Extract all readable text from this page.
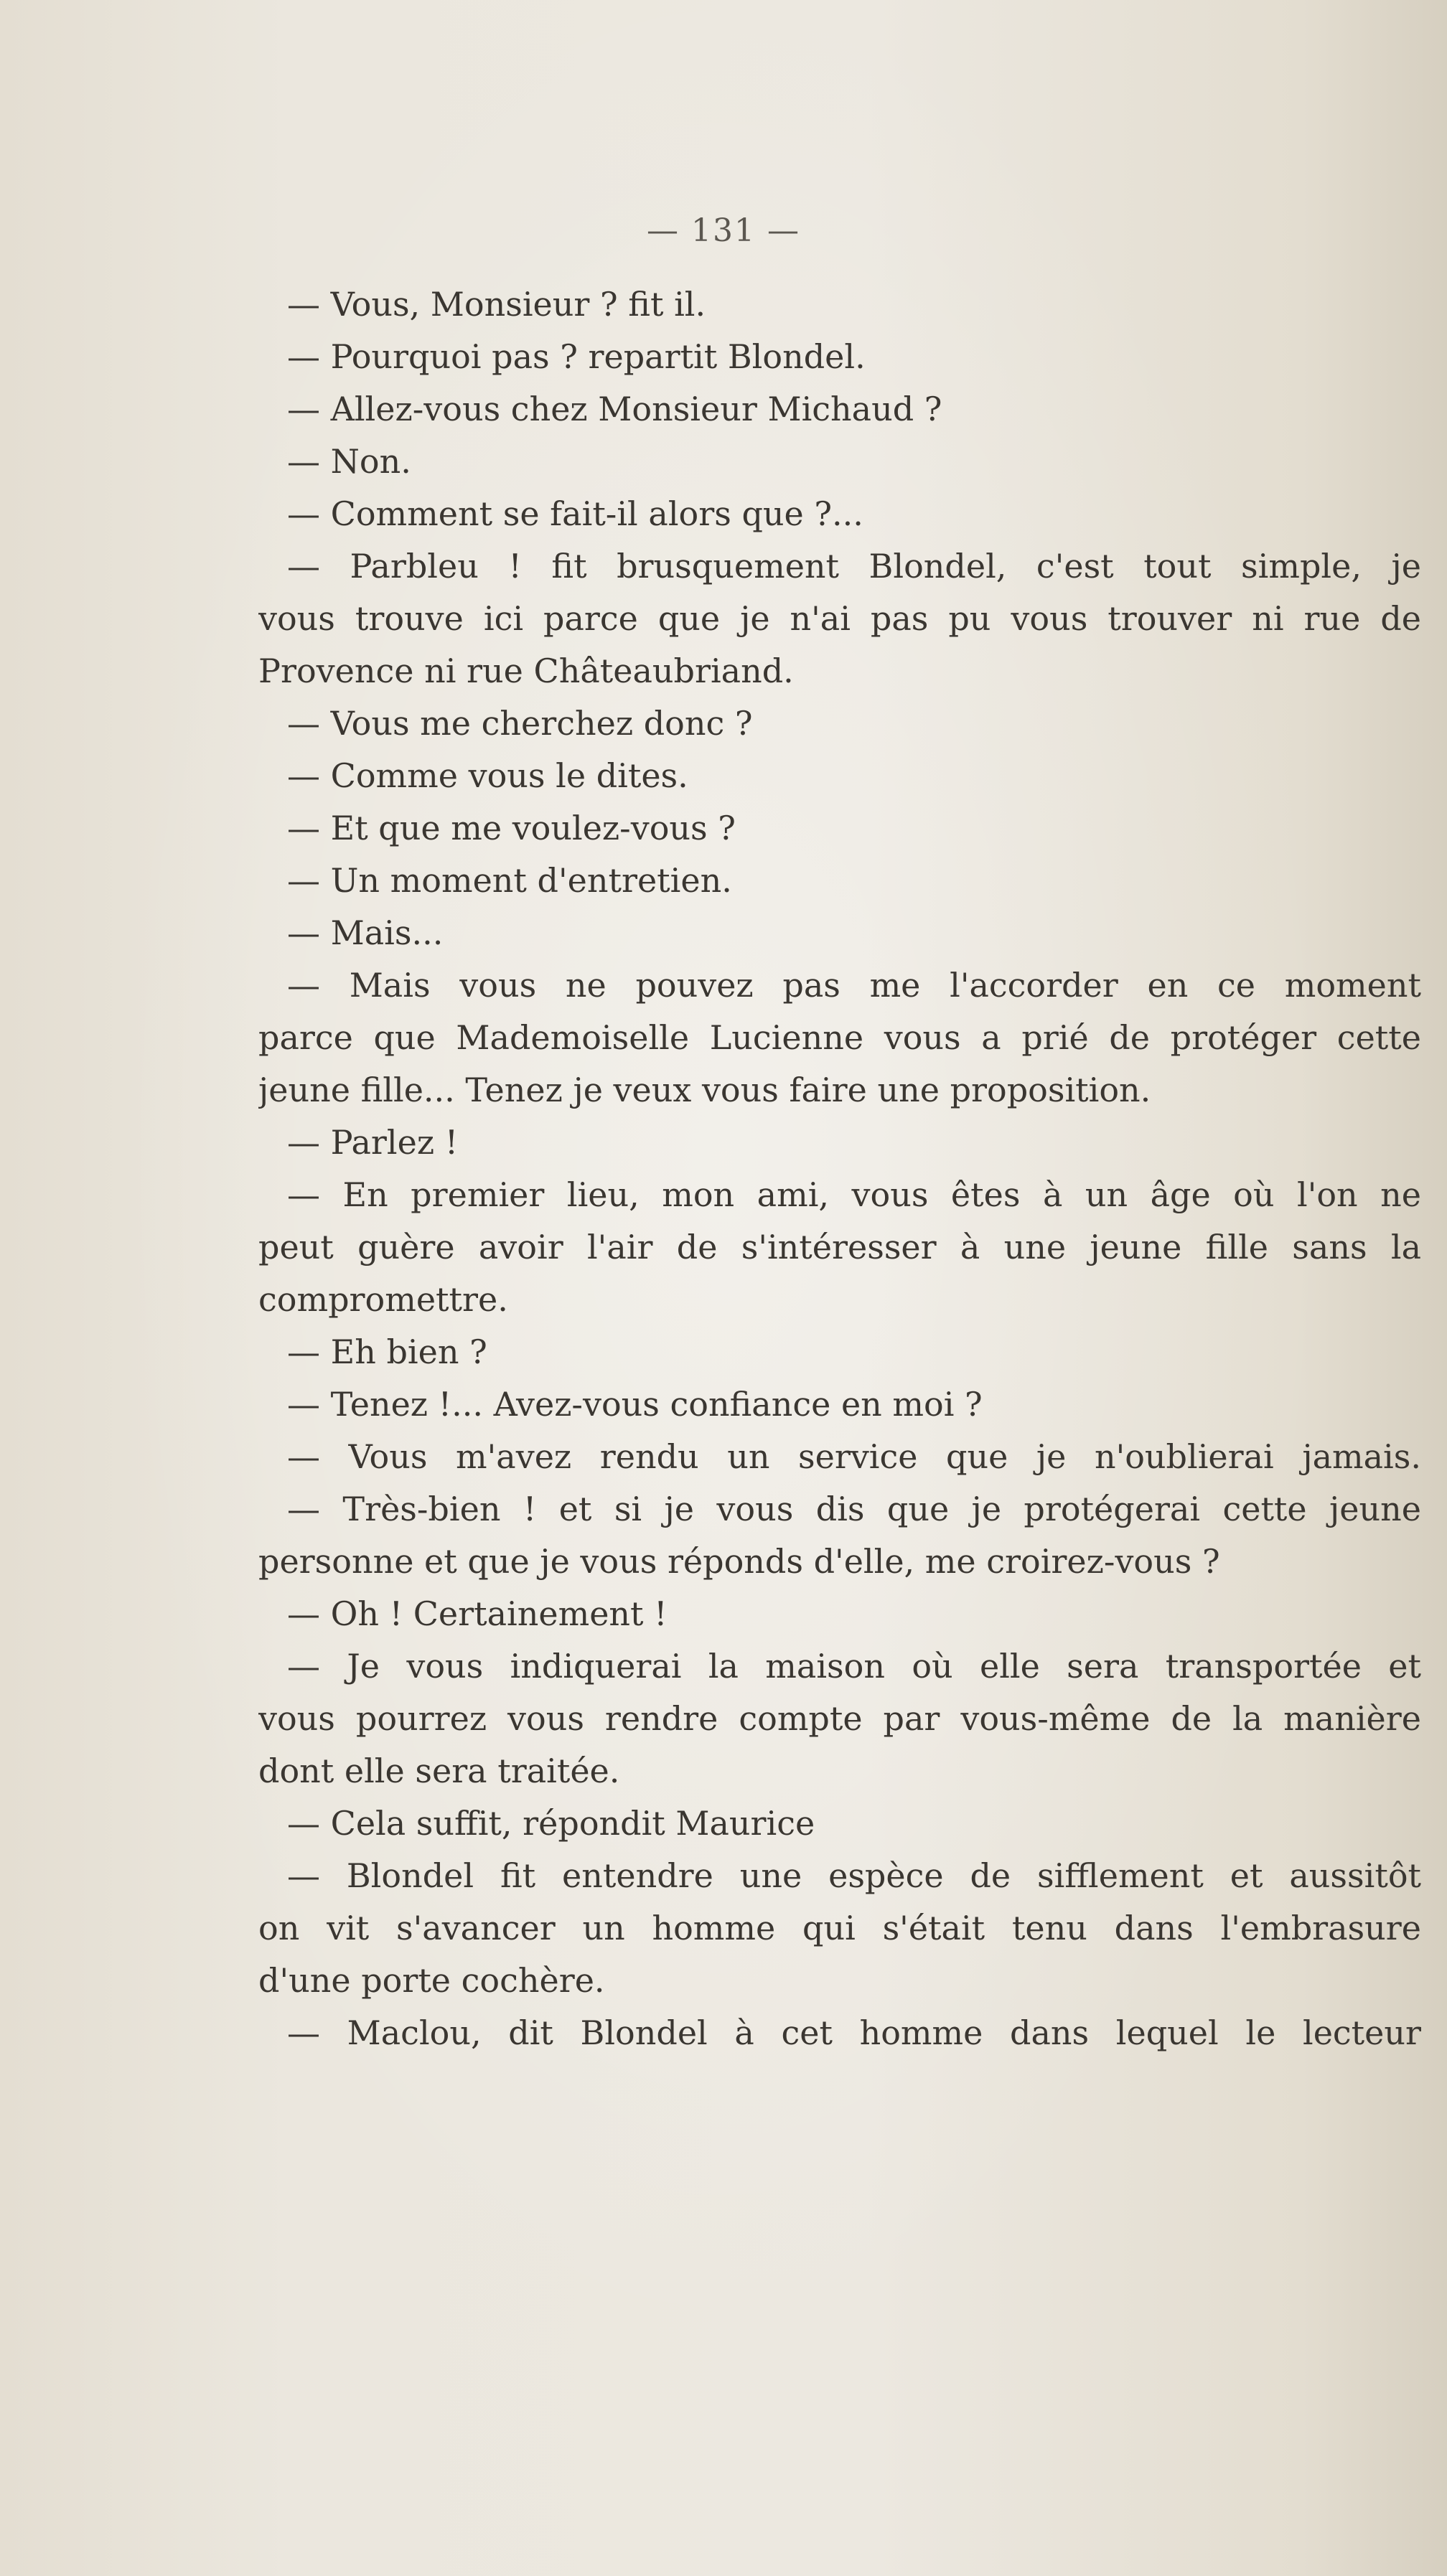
— 131 —
— Vous, Monsieur ? fit il.
— Pourquoi pas ? repartit Blondel.
— Allez-vous chez Monsieur Michaud ?
— Non.
— Comment se fait-il alors que ?...
— Parbleu ! fit brusquement Blondel, c'est tout simple, je
vous trouve ici parce que je n'ai pas pu vous trouver ni rue de
Provence ni rue Châteaubriand.
— Vous me cherchez donc ?
— Comme vous le dites.
— Et que me voulez-vous ?
— Un moment d'entretien.
— Mais...
— Mais vous ne pouvez pas me l'accorder en ce moment
parce que Mademoiselle Lucienne vous a prié de protéger cette
jeune fille... Tenez je veux vous faire une proposition.
— Parlez !
— En premier lieu, mon ami, vous êtes à un âge où l'on ne
peut guère avoir l'air de s'intéresser à une jeune fille sans la
compromettre.
— Eh bien ?
— Tenez !... Avez-vous confiance en moi ?
— Vous m'avez rendu un service que je n'oublierai jamais.
— Très-bien ! et si je vous dis que je protégerai cette jeune
personne et que je vous réponds d'elle, me croirez-vous ?
— Oh ! Certainement !
— Je vous indiquerai la maison où elle sera transportée et
vous pourrez vous rendre compte par vous-même de la manière
dont elle sera traitée.
— Cela suffit, répondit Maurice
— Blondel fit entendre une espèce de sifflement et aussitôt
on vit s'avancer un homme qui s'était tenu dans l'embrasure
d'une porte cochère.
— Maclou, dit Blondel à cet homme dans lequel le lecteur
